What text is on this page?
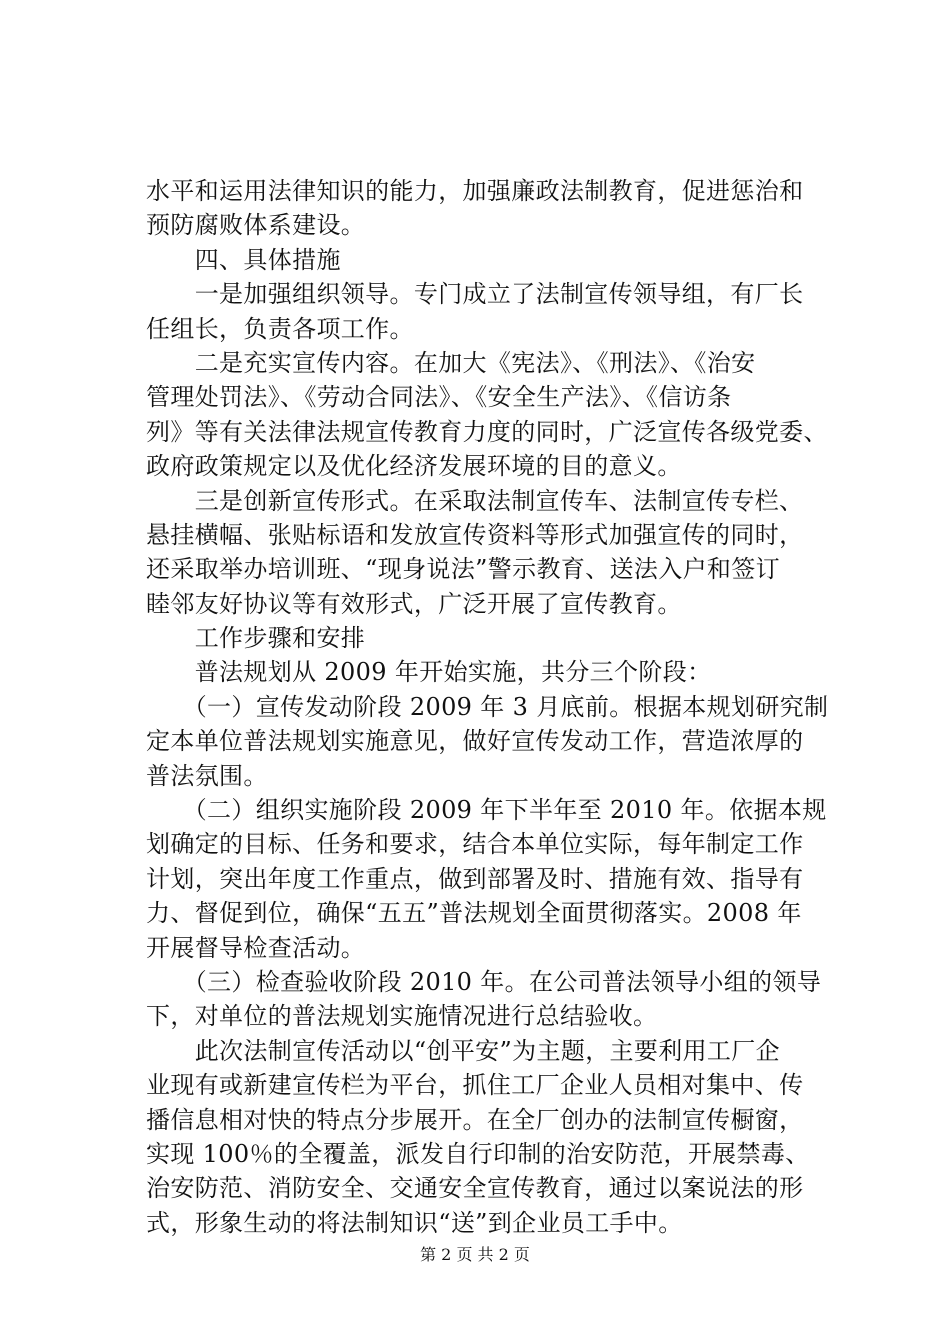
水平和运用法律知识的能力，加强廉政法制教育，促进惩治和
预防腐败体系建设。
　　四、具体措施
　　一是加强组织领导。专门成立了法制宣传领导组，有厂长
任组长，负责各项工作。
　　二是充实宣传内容。在加大《宪法》、《刑法》、《治安
管理处罚法》、《劳动合同法》、《安全生产法》、《信访条
列》等有关法律法规宣传教育力度的同时，广泛宣传各级党委、
政府政策规定以及优化经济发展环境的目的意义。
　　三是创新宣传形式。在采取法制宣传车、法制宣传专栏、
悬挂横幅、张贴标语和发放宣传资料等形式加强宣传的同时，
还采取举办培训班、“现身说法”警示教育、送法入户和签订
睦邻友好协议等有效形式，广泛开展了宣传教育。
　　工作步骤和安排
　　普法规划从 2009 年开始实施，共分三个阶段：
　　（一）宣传发动阶段 2009 年 3 月底前。根据本规划研究制
定本单位普法规划实施意见，做好宣传发动工作，营造浓厚的
普法氛围。
　　（二）组织实施阶段 2009 年下半年至 2010 年。依据本规
划确定的目标、任务和要求，结合本单位实际，每年制定工作
计划，突出年度工作重点，做到部署及时、措施有效、指导有
力、督促到位，确保“五五”普法规划全面贯彻落实。2008 年
开展督导检查活动。
　　（三）检查验收阶段 2010 年。在公司普法领导小组的领导
下，对单位的普法规划实施情况进行总结验收。
　　此次法制宣传活动以“创平安”为主题，主要利用工厂企
业现有或新建宣传栏为平台，抓住工厂企业人员相对集中、传
播信息相对快的特点分步展开。在全厂创办的法制宣传橱窗，
实现 100％的全覆盖，派发自行印制的治安防范，开展禁毒、
治安防范、消防安全、交通安全宣传教育，通过以案说法的形
式，形象生动的将法制知识“送”到企业员工手中。
第 2 页 共 2 页
